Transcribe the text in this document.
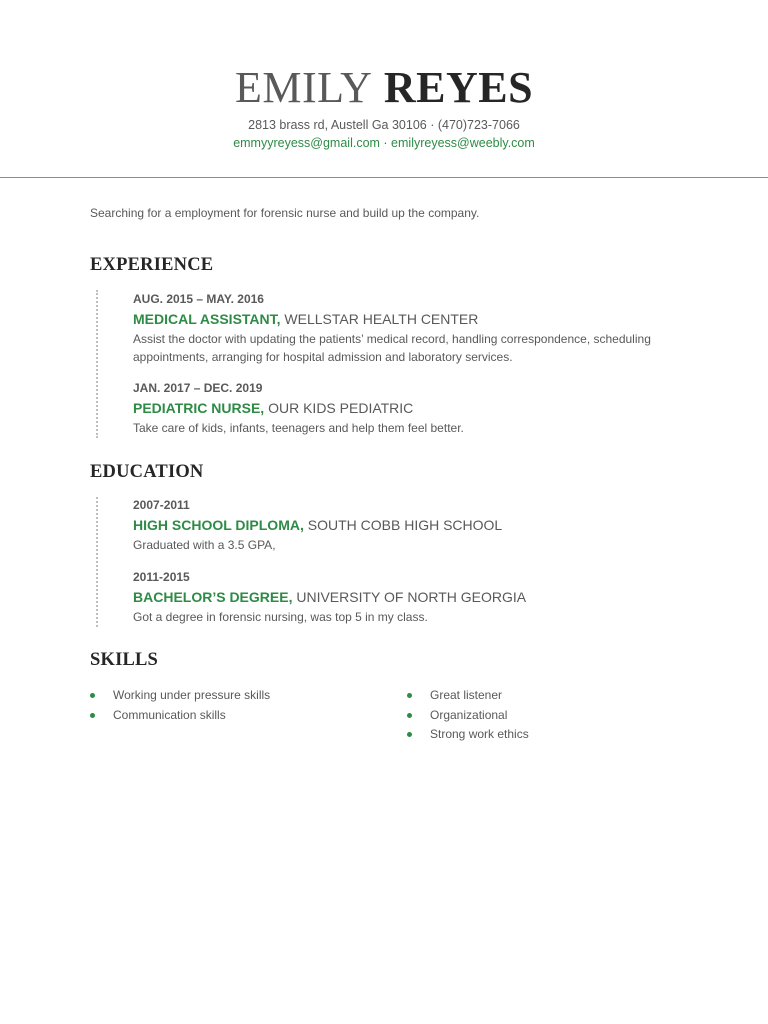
EMILY REYES
2813 brass rd, Austell Ga 30106 · (470)723-7066
emmyyreyess@gmail.com · emilyreyess@weebly.com
Searching for a employment for forensic nurse and build up the company.
EXPERIENCE
AUG. 2015 – MAY. 2016
MEDICAL ASSISTANT, WELLSTAR HEALTH CENTER
Assist the doctor with updating the patients’ medical record, handling correspondence, scheduling appointments, arranging for hospital admission and laboratory services.
JAN. 2017 – DEC. 2019
PEDIATRIC NURSE, OUR KIDS PEDIATRIC
Take care of kids, infants, teenagers and help them feel better.
EDUCATION
2007-2011
HIGH SCHOOL DIPLOMA, SOUTH COBB HIGH SCHOOL
Graduated with a 3.5 GPA,
2011-2015
BACHELOR’S DEGREE, UNIVERSITY OF NORTH GEORGIA
Got a degree in forensic nursing, was top 5 in my class.
SKILLS
Working under pressure skills
Communication skills
Great listener
Organizational
Strong work ethics
